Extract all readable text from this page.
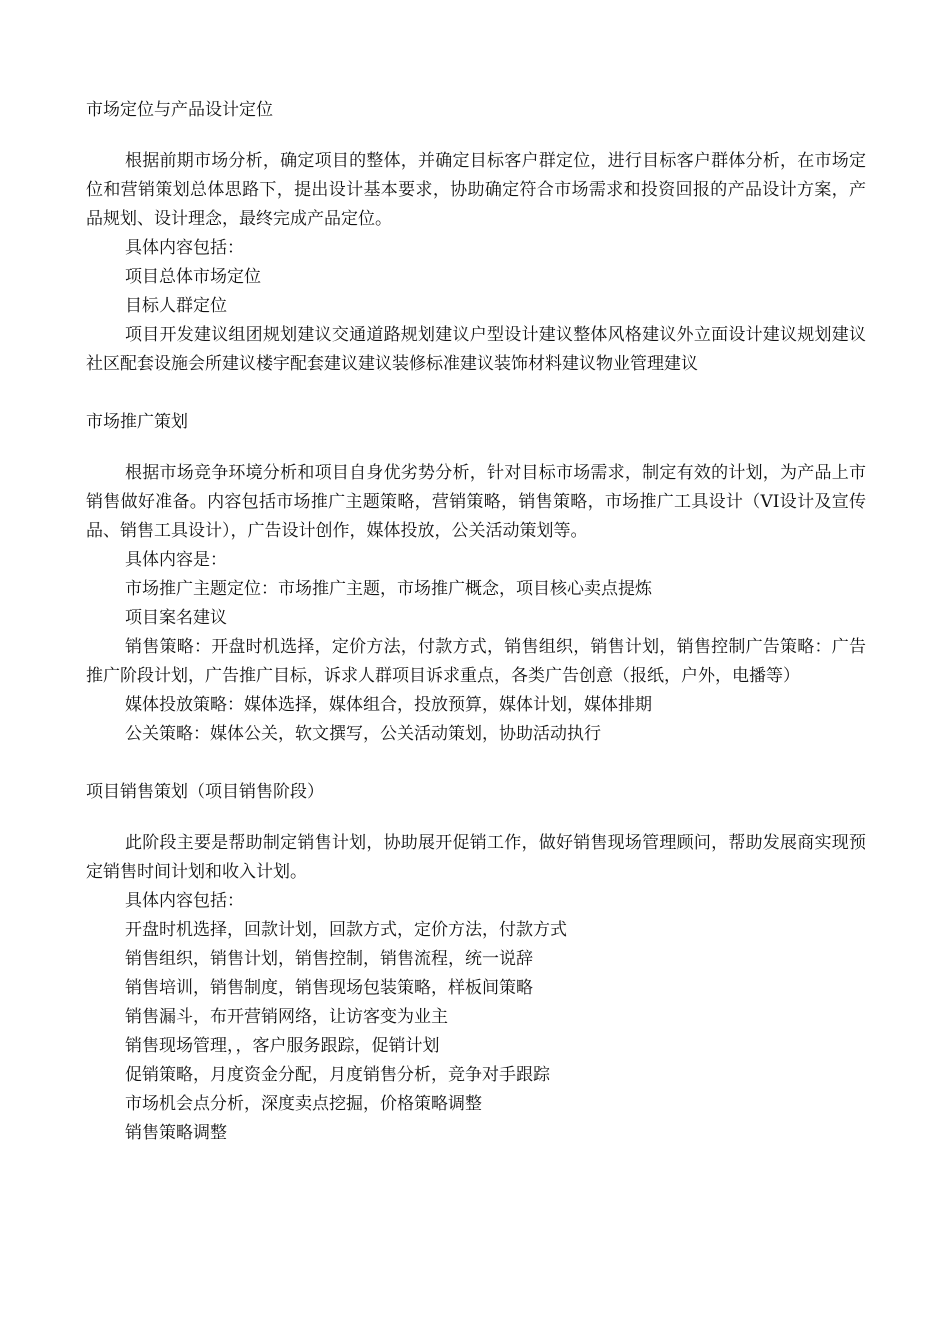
市场定位与产品设计定位

根据前期市场分析，确定项目的整体，并确定目标客户群定位，进行目标客户群体分析，在市场定位和营销策划总体思路下，提出设计基本要求，协助确定符合市场需求和投资回报的产品设计方案，产品规划、设计理念，最终完成产品定位。

具体内容包括：

项目总体市场定位

目标人群定位

项目开发建议组团规划建议交通道路规划建议户型设计建议整体风格建议外立面设计建议规划建议社区配套设施会所建议楼宇配套建议建议装修标准建议装饰材料建议物业管理建议

市场推广策划

根据市场竞争环境分析和项目自身优劣势分析，针对目标市场需求，制定有效的计划，为产品上市销售做好准备。内容包括市场推广主题策略，营销策略，销售策略，市场推广工具设计（VI设计及宣传品、销售工具设计），广告设计创作，媒体投放，公关活动策划等。

具体内容是：

市场推广主题定位：市场推广主题，市场推广概念，项目核心卖点提炼

项目案名建议

销售策略：开盘时机选择，定价方法，付款方式，销售组织，销售计划，销售控制广告策略：广告推广阶段计划，广告推广目标，诉求人群项目诉求重点，各类广告创意（报纸，户外，电播等）

媒体投放策略：媒体选择，媒体组合，投放预算，媒体计划，媒体排期

公关策略：媒体公关，软文撰写，公关活动策划，协助活动执行

项目销售策划（项目销售阶段）

此阶段主要是帮助制定销售计划，协助展开促销工作，做好销售现场管理顾问，帮助发展商实现预定销售时间计划和收入计划。

具体内容包括：

开盘时机选择，回款计划，回款方式，定价方法，付款方式

销售组织，销售计划，销售控制，销售流程，统一说辞

销售培训，销售制度，销售现场包装策略，样板间策略

销售漏斗，布开营销网络，让访客变为业主

销售现场管理，，客户服务跟踪，促销计划

促销策略，月度资金分配，月度销售分析，竞争对手跟踪

市场机会点分析，深度卖点挖掘，价格策略调整

销售策略调整
